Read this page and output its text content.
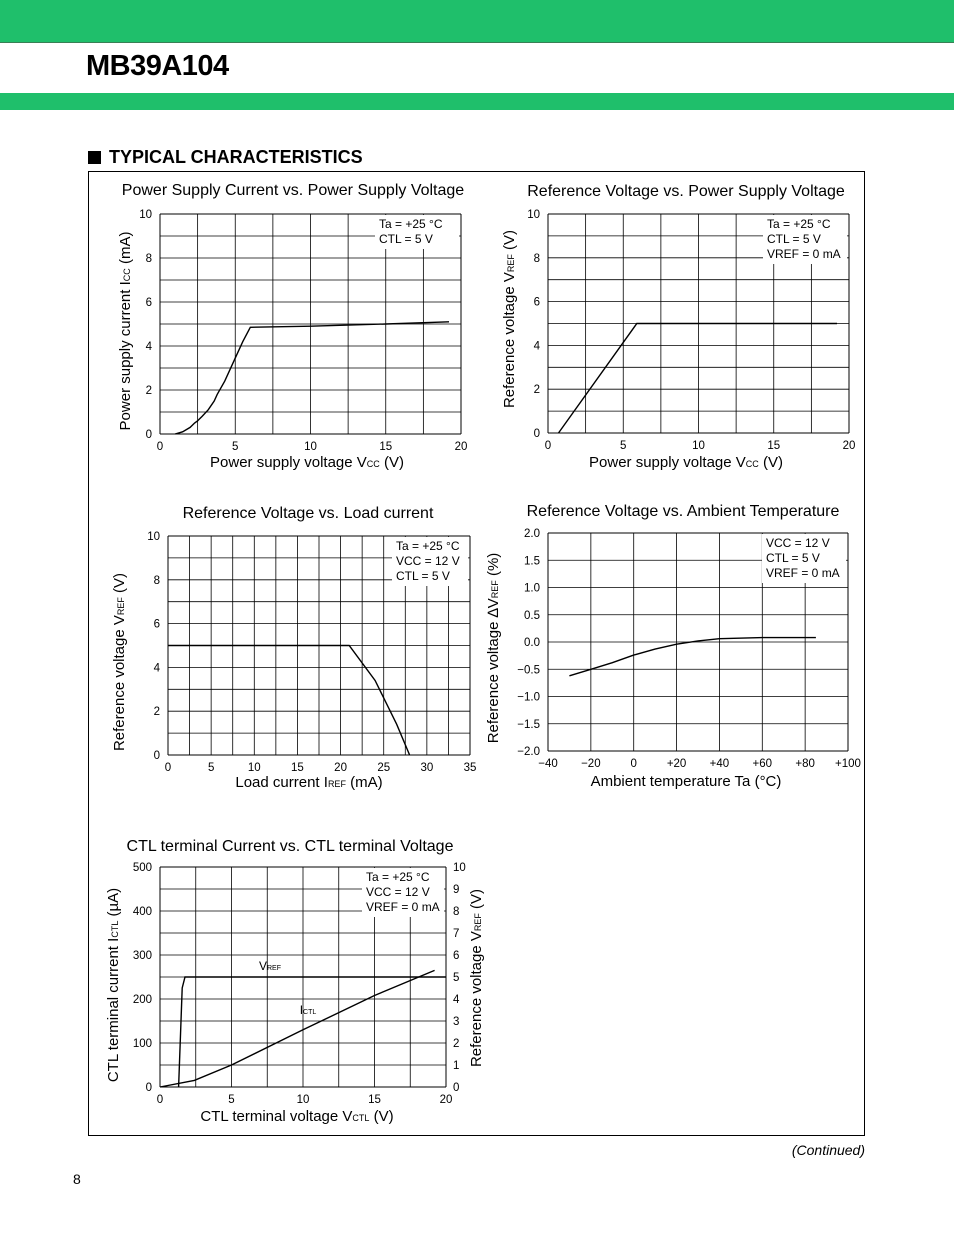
MB39A104
TYPICAL CHARACTERISTICS
Power Supply Current vs. Power Supply Voltage
Ta = +25 °C
CTL = 5 V
0	5	10	15	20
0
2
4
6
8
10
Power supply voltage VCC (V)
Power supply current ICC (mA)
Reference Voltage vs. Power Supply Voltage
Ta = +25 °C
CTL = 5 V
VREF = 0 mA
0	5	10	15	20
0
2
4
6
8
10
Power supply voltage VCC (V)
Reference voltage VREF (V)
Reference Voltage vs. Load current
Ta = +25 °C
VCC = 12 V
CTL = 5 V
0	5	10	15	20	25	30	35
0
2
4
6
8
10
Load current IREF (mA)
Reference voltage VREF (V)
Reference Voltage vs. Ambient Temperature
VCC = 12 V
CTL = 5 V
VREF = 0 mA
−40 −20	0	+20 +40 +60 +80 +100
−2.0
−1.5
−1.0
−0.5
0.0
0.5
1.0
1.5
2.0
Ambient temperature Ta (°C)
Reference voltage ∆VREF (%)
CTL terminal Current vs. CTL terminal Voltage
Ta = +25 °C
VCC = 12 V
VREF = 0 mA
0	5	10	15	20
0
100
200
300
400
500
0
1
2
3
4
5
6
7
8
9
10
CTL terminal voltage VCTL (V)
CTL terminal current ICTL (µA)
Reference voltage VREF (V)
VREF
ICTL
(Continued)
8
